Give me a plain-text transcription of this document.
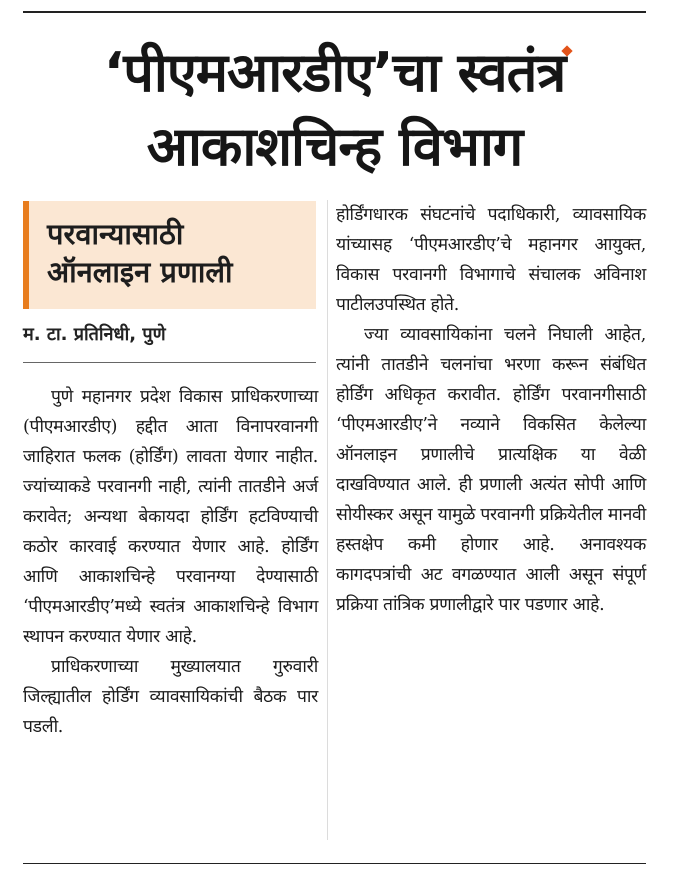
‘पीएमआरडीए’चा स्वतंत्र
आकाशचिन्ह विभाग
परवान्यासाठी
ऑनलाइन प्रणाली
म. टा. प्रतिनिधी, पुणे

पुणे महानगर प्रदेश विकास प्राधिकरणाच्या (पीएमआरडीए) हद्दीत आता विनापरवानगी जाहिरात फलक (होर्डिंग) लावता येणार नाहीत. ज्यांच्याकडे परवानगी नाही, त्यांनी तातडीने अर्ज करावेत; अन्यथा बेकायदा होर्डिंग हटविण्याची कठोर कारवाई करण्यात येणार आहे. होर्डिंग आणि आकाशचिन्हे परवानग्या देण्यासाठी ‘पीएमआरडीए’मध्ये स्वतंत्र आकाशचिन्हे विभाग स्थापन करण्यात येणार आहे.

प्राधिकरणाच्या मुख्यालयात गुरुवारी जिल्ह्यातील होर्डिंग व्यावसायिकांची बैठक पार पडली.

होर्डिंगधारक संघटनांचे पदाधिकारी, व्यावसायिक यांच्यासह ‘पीएमआरडीए’चे महानगर आयुक्त, विकास परवानगी विभागाचे संचालक अविनाश पाटीलउपस्थित होते.

ज्या व्यावसायिकांना चलने निघाली आहेत, त्यांनी तातडीने चलनांचा भरणा करून संबंधित होर्डिंग अधिकृत करावीत. होर्डिंग परवानगीसाठी ‘पीएमआरडीए’ने नव्याने विकसित केलेल्या ऑनलाइन प्रणालीचे प्रात्यक्षिक या वेळी दाखविण्यात आले. ही प्रणाली अत्यंत सोपी आणि सोयीस्कर असून यामुळे परवानगी प्रक्रियेतील मानवी हस्तक्षेप कमी होणार आहे. अनावश्यक कागदपत्रांची अट वगळण्यात आली असून संपूर्ण प्रक्रिया तांत्रिक प्रणालीद्वारे पार पडणार आहे.
